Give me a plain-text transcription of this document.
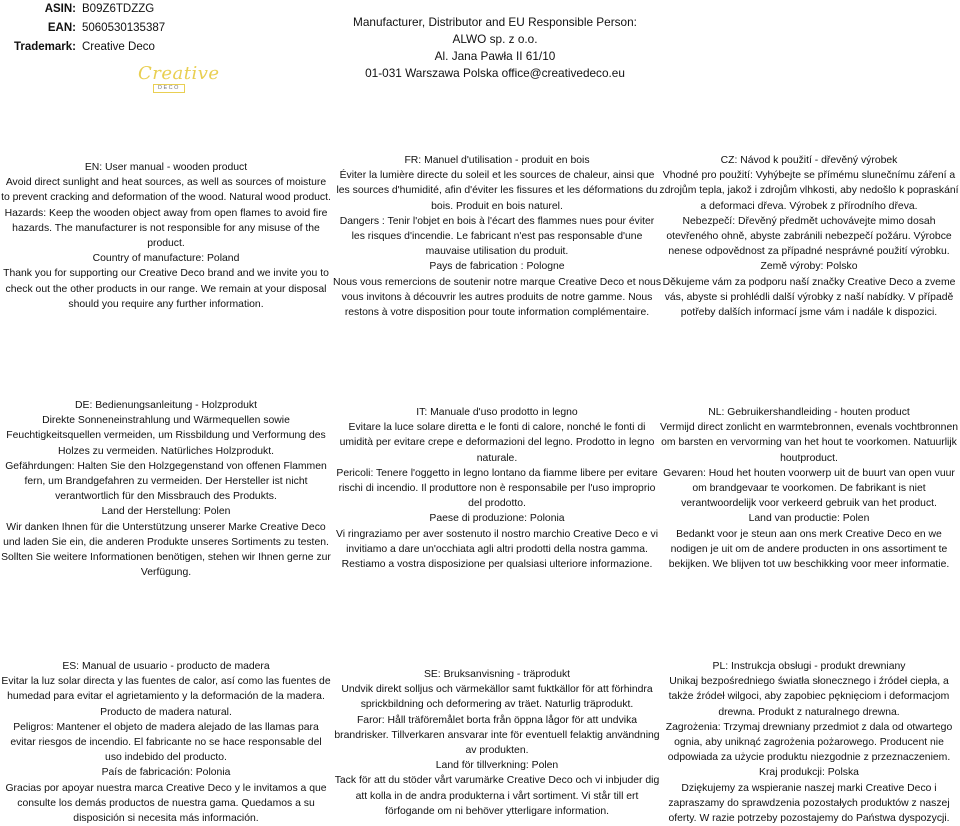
ASIN: B09Z6TDZZG
EAN: 5060530135387
Trademark: Creative Deco
Creative
DECO
Manufacturer, Distributor and EU Responsible Person:
ALWO sp. z o.o.
Al. Jana Pawła II 61/10
01-031 Warszawa Polska office@creativedeco.eu

EN: User manual - wooden product

Avoid direct sunlight and heat sources, as well as sources of moisture to prevent cracking and deformation of the wood. Natural wood product.

Hazards: Keep the wooden object away from open flames to avoid fire hazards. The manufacturer is not responsible for any misuse of the product.

Country of manufacture: Poland

Thank you for supporting our Creative Deco brand and we invite you to check out the other products in our range. We remain at your disposal should you require any further information.

FR: Manuel d'utilisation - produit en bois

Éviter la lumière directe du soleil et les sources de chaleur, ainsi que les sources d'humidité, afin d'éviter les fissures et les déformations du bois. Produit en bois naturel.

Dangers : Tenir l'objet en bois à l'écart des flammes nues pour éviter les risques d'incendie. Le fabricant n'est pas responsable d'une mauvaise utilisation du produit.

Pays de fabrication : Pologne

Nous vous remercions de soutenir notre marque Creative Deco et nous vous invitons à découvrir les autres produits de notre gamme. Nous restons à votre disposition pour toute information complémentaire.

CZ: Návod k použití - dřevěný výrobek

Vhodné pro použití: Vyhýbejte se přímému slunečnímu záření a zdrojům tepla, jakož i zdrojům vlhkosti, aby nedošlo k popraskání a deformaci dřeva. Výrobek z přírodního dřeva.

Nebezpečí: Dřevěný předmět uchovávejte mimo dosah otevřeného ohně, abyste zabránili nebezpečí požáru. Výrobce nenese odpovědnost za případné nesprávné použití výrobku.

Země výroby: Polsko

Děkujeme vám za podporu naší značky Creative Deco a zveme vás, abyste si prohlédli další výrobky z naší nabídky. V případě potřeby dalších informací jsme vám i nadále k dispozici.

DE: Bedienungsanleitung - Holzprodukt

Direkte Sonneneinstrahlung und Wärmequellen sowie Feuchtigkeitsquellen vermeiden, um Rissbildung und Verformung des Holzes zu vermeiden. Natürliches Holzprodukt.

Gefährdungen: Halten Sie den Holzgegenstand von offenen Flammen fern, um Brandgefahren zu vermeiden. Der Hersteller ist nicht verantwortlich für den Missbrauch des Produkts.

Land der Herstellung: Polen

Wir danken Ihnen für die Unterstützung unserer Marke Creative Deco und laden Sie ein, die anderen Produkte unseres Sortiments zu testen. Sollten Sie weitere Informationen benötigen, stehen wir Ihnen gerne zur Verfügung.

IT: Manuale d'uso prodotto in legno

Evitare la luce solare diretta e le fonti di calore, nonché le fonti di umidità per evitare crepe e deformazioni del legno. Prodotto in legno naturale.

Pericoli: Tenere l'oggetto in legno lontano da fiamme libere per evitare rischi di incendio. Il produttore non è responsabile per l'uso improprio del prodotto.

Paese di produzione: Polonia

Vi ringraziamo per aver sostenuto il nostro marchio Creative Deco e vi invitiamo a dare un'occhiata agli altri prodotti della nostra gamma. Restiamo a vostra disposizione per qualsiasi ulteriore informazione.

NL: Gebruikershandleiding - houten product

Vermijd direct zonlicht en warmtebronnen, evenals vochtbronnen om barsten en vervorming van het hout te voorkomen. Natuurlijk houtproduct.

Gevaren: Houd het houten voorwerp uit de buurt van open vuur om brandgevaar te voorkomen. De fabrikant is niet verantwoordelijk voor verkeerd gebruik van het product.

Land van productie: Polen

Bedankt voor je steun aan ons merk Creative Deco en we nodigen je uit om de andere producten in ons assortiment te bekijken. We blijven tot uw beschikking voor meer informatie.

ES: Manual de usuario - producto de madera

Evitar la luz solar directa y las fuentes de calor, así como las fuentes de humedad para evitar el agrietamiento y la deformación de la madera. Producto de madera natural.

Peligros: Mantener el objeto de madera alejado de las llamas para evitar riesgos de incendio. El fabricante no se hace responsable del uso indebido del producto.

País de fabricación: Polonia

Gracias por apoyar nuestra marca Creative Deco y le invitamos a que consulte los demás productos de nuestra gama. Quedamos a su disposición si necesita más información.

SE: Bruksanvisning - träprodukt

Undvik direkt solljus och värmekällor samt fuktkällor för att förhindra sprickbildning och deformering av träet. Naturlig träprodukt.

Faror: Håll träföremålet borta från öppna lågor för att undvika brandrisker. Tillverkaren ansvarar inte för eventuell felaktig användning av produkten.

Land för tillverkning: Polen

Tack för att du stöder vårt varumärke Creative Deco och vi inbjuder dig att kolla in de andra produkterna i vårt sortiment. Vi står till ert förfogande om ni behöver ytterligare information.

PL: Instrukcja obsługi - produkt drewniany

Unikaj bezpośredniego światła słonecznego i źródeł ciepła, a także źródeł wilgoci, aby zapobiec pęknięciom i deformacjom drewna. Produkt z naturalnego drewna.

Zagrożenia: Trzymaj drewniany przedmiot z dala od otwartego ognia, aby uniknąć zagrożenia pożarowego. Producent nie odpowiada za użycie produktu niezgodnie z przeznaczeniem.

Kraj produkcji: Polska

Dziękujemy za wspieranie naszej marki Creative Deco i zapraszamy do sprawdzenia pozostałych produktów z naszej oferty. W razie potrzeby pozostajemy do Państwa dyspozycji.
